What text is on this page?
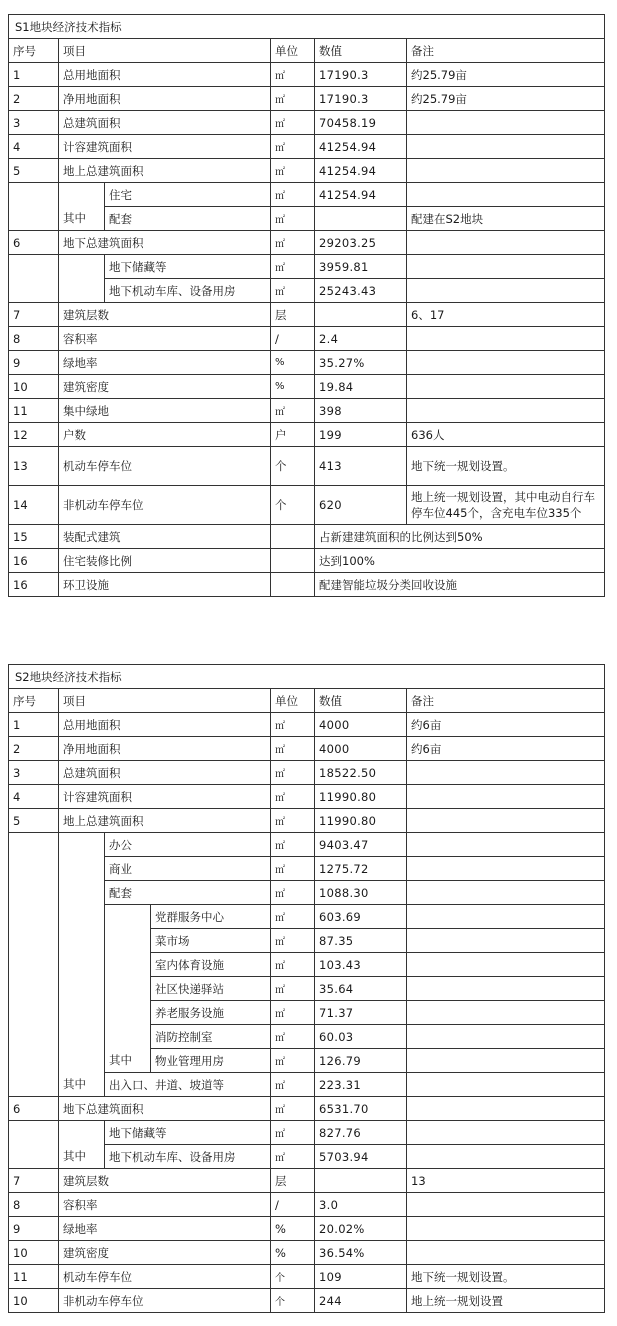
S1地块经济技术指标					
序号	项目		单位	数值	备注
1	总用地面积		㎡	17190.3	约25.79亩
2	净用地面积		㎡	17190.3	约25.79亩
3	总建筑面积		㎡	70458.19	
4	计容建筑面积		㎡	41254.94	
5	地上总建筑面积		㎡	41254.94	
	其中	住宅	㎡	41254.94	
		配套	㎡		配建在S2地块
6	地下总建筑面积		㎡	29203.25	
		地下储藏等	㎡	3959.81	
		地下机动车库、设备用房	㎡	25243.43	
7	建筑层数		层		6、17
8	容积率		/	2.4	
9	绿地率		%	35.27%	
10	建筑密度		%	19.84	
11	集中绿地		㎡	398	
12	户数		户	199	636人
13	机动车停车位		个	413	地下统一规划设置。
14	非机动车停车位		个	620	地上统一规划设置，其中电动自行车停车位445个，含充电车位335个
15	装配式建筑			占新建建筑面积的比例达到50%	
16	住宅装修比例			达到100%	
16	环卫设施			配建智能垃圾分类回收设施	
S2地块经济技术指标						
序号	项目			单位	数值	备注
1	总用地面积			㎡	4000	约6亩
2	净用地面积			㎡	4000	约6亩
3	总建筑面积			㎡	18522.50	
4	计容建筑面积			㎡	11990.80	
5	地上总建筑面积			㎡	11990.80	
	其中	办公		㎡	9403.47	
		商业		㎡	1275.72	
		配套		㎡	1088.30	
		其中	党群服务中心	㎡	603.69	
			菜市场	㎡	87.35	
			室内体育设施	㎡	103.43	
			社区快递驿站	㎡	35.64	
			养老服务设施	㎡	71.37	
			消防控制室	㎡	60.03	
			物业管理用房	㎡	126.79	
		出入口、井道、坡道等		㎡	223.31	
6	地下总建筑面积			㎡	6531.70	
	其中	地下储藏等		㎡	827.76	
		地下机动车库、设备用房		㎡	5703.94	
7	建筑层数			层		13
8	容积率			/	3.0	
9	绿地率			%	20.02%	
10	建筑密度			%	36.54%	
11	机动车停车位			个	109	地下统一规划设置。
10	非机动车停车位			个	244	地上统一规划设置
